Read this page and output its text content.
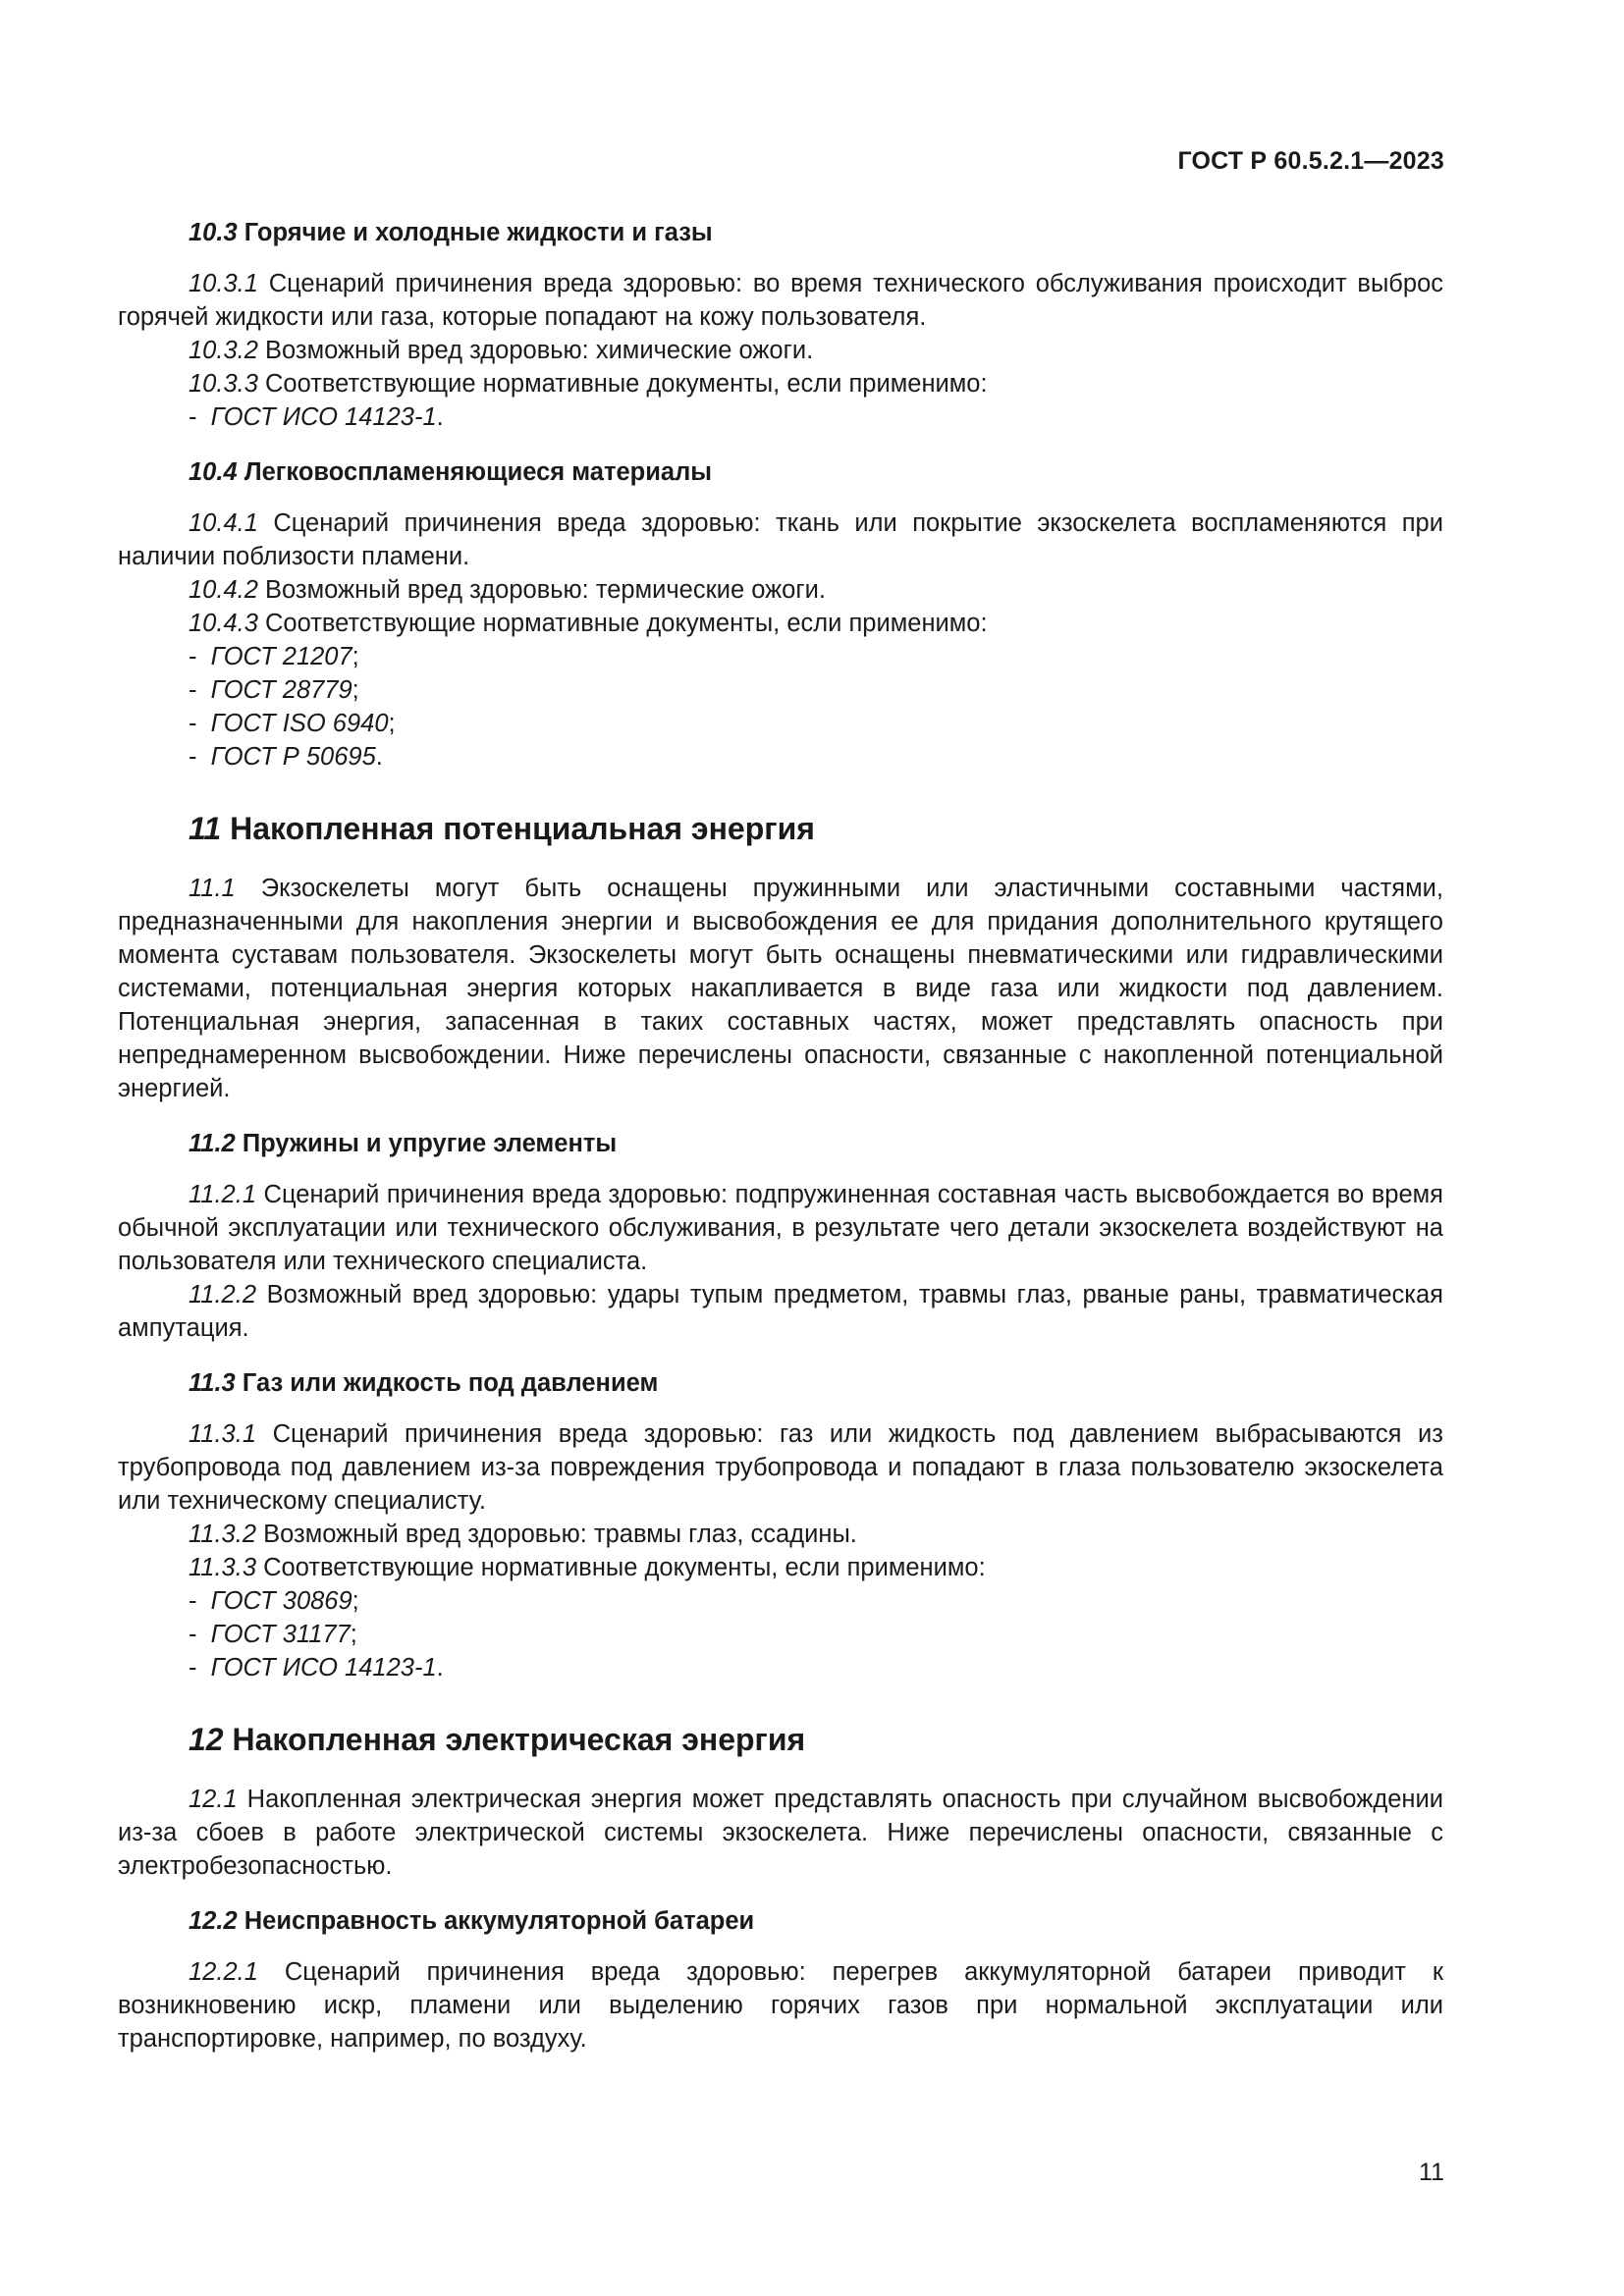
ГОСТ Р 60.5.2.1—2023

10.3 Горячие и холодные жидкости и газы

10.3.1 Сценарий причинения вреда здоровью: во время технического обслуживания происходит выброс горячей жидкости или газа, которые попадают на кожу пользователя.

10.3.2 Возможный вред здоровью: химические ожоги.

10.3.3 Соответствующие нормативные документы, если применимо:

- ГОСТ ИСО 14123-1.

10.4 Легковоспламеняющиеся материалы

10.4.1 Сценарий причинения вреда здоровью: ткань или покрытие экзоскелета воспламеняются при наличии поблизости пламени.

10.4.2 Возможный вред здоровью: термические ожоги.

10.4.3 Соответствующие нормативные документы, если применимо:

- ГОСТ 21207;

- ГОСТ 28779;

- ГОСТ ISO 6940;

- ГОСТ Р 50695.

11 Накопленная потенциальная энергия

11.1 Экзоскелеты могут быть оснащены пружинными или эластичными составными частями, предназначенными для накопления энергии и высвобождения ее для придания дополнительного крутящего момента суставам пользователя. Экзоскелеты могут быть оснащены пневматическими или гидравлическими системами, потенциальная энергия которых накапливается в виде газа или жидкости под давлением. Потенциальная энергия, запасенная в таких составных частях, может представлять опасность при непреднамеренном высвобождении. Ниже перечислены опасности, связанные с накопленной потенциальной энергией.

11.2 Пружины и упругие элементы

11.2.1 Сценарий причинения вреда здоровью: подпружиненная составная часть высвобождается во время обычной эксплуатации или технического обслуживания, в результате чего детали экзоскелета воздействуют на пользователя или технического специалиста.

11.2.2 Возможный вред здоровью: удары тупым предметом, травмы глаз, рваные раны, травматическая ампутация.

11.3 Газ или жидкость под давлением

11.3.1 Сценарий причинения вреда здоровью: газ или жидкость под давлением выбрасываются из трубопровода под давлением из-за повреждения трубопровода и попадают в глаза пользователю экзоскелета или техническому специалисту.

11.3.2 Возможный вред здоровью: травмы глаз, ссадины.

11.3.3 Соответствующие нормативные документы, если применимо:

- ГОСТ 30869;

- ГОСТ 31177;

- ГОСТ ИСО 14123-1.

12 Накопленная электрическая энергия

12.1 Накопленная электрическая энергия может представлять опасность при случайном высвобождении из-за сбоев в работе электрической системы экзоскелета. Ниже перечислены опасности, связанные с электробезопасностью.

12.2 Неисправность аккумуляторной батареи

12.2.1 Сценарий причинения вреда здоровью: перегрев аккумуляторной батареи приводит к возникновению искр, пламени или выделению горячих газов при нормальной эксплуатации или транспортировке, например, по воздуху.

11
